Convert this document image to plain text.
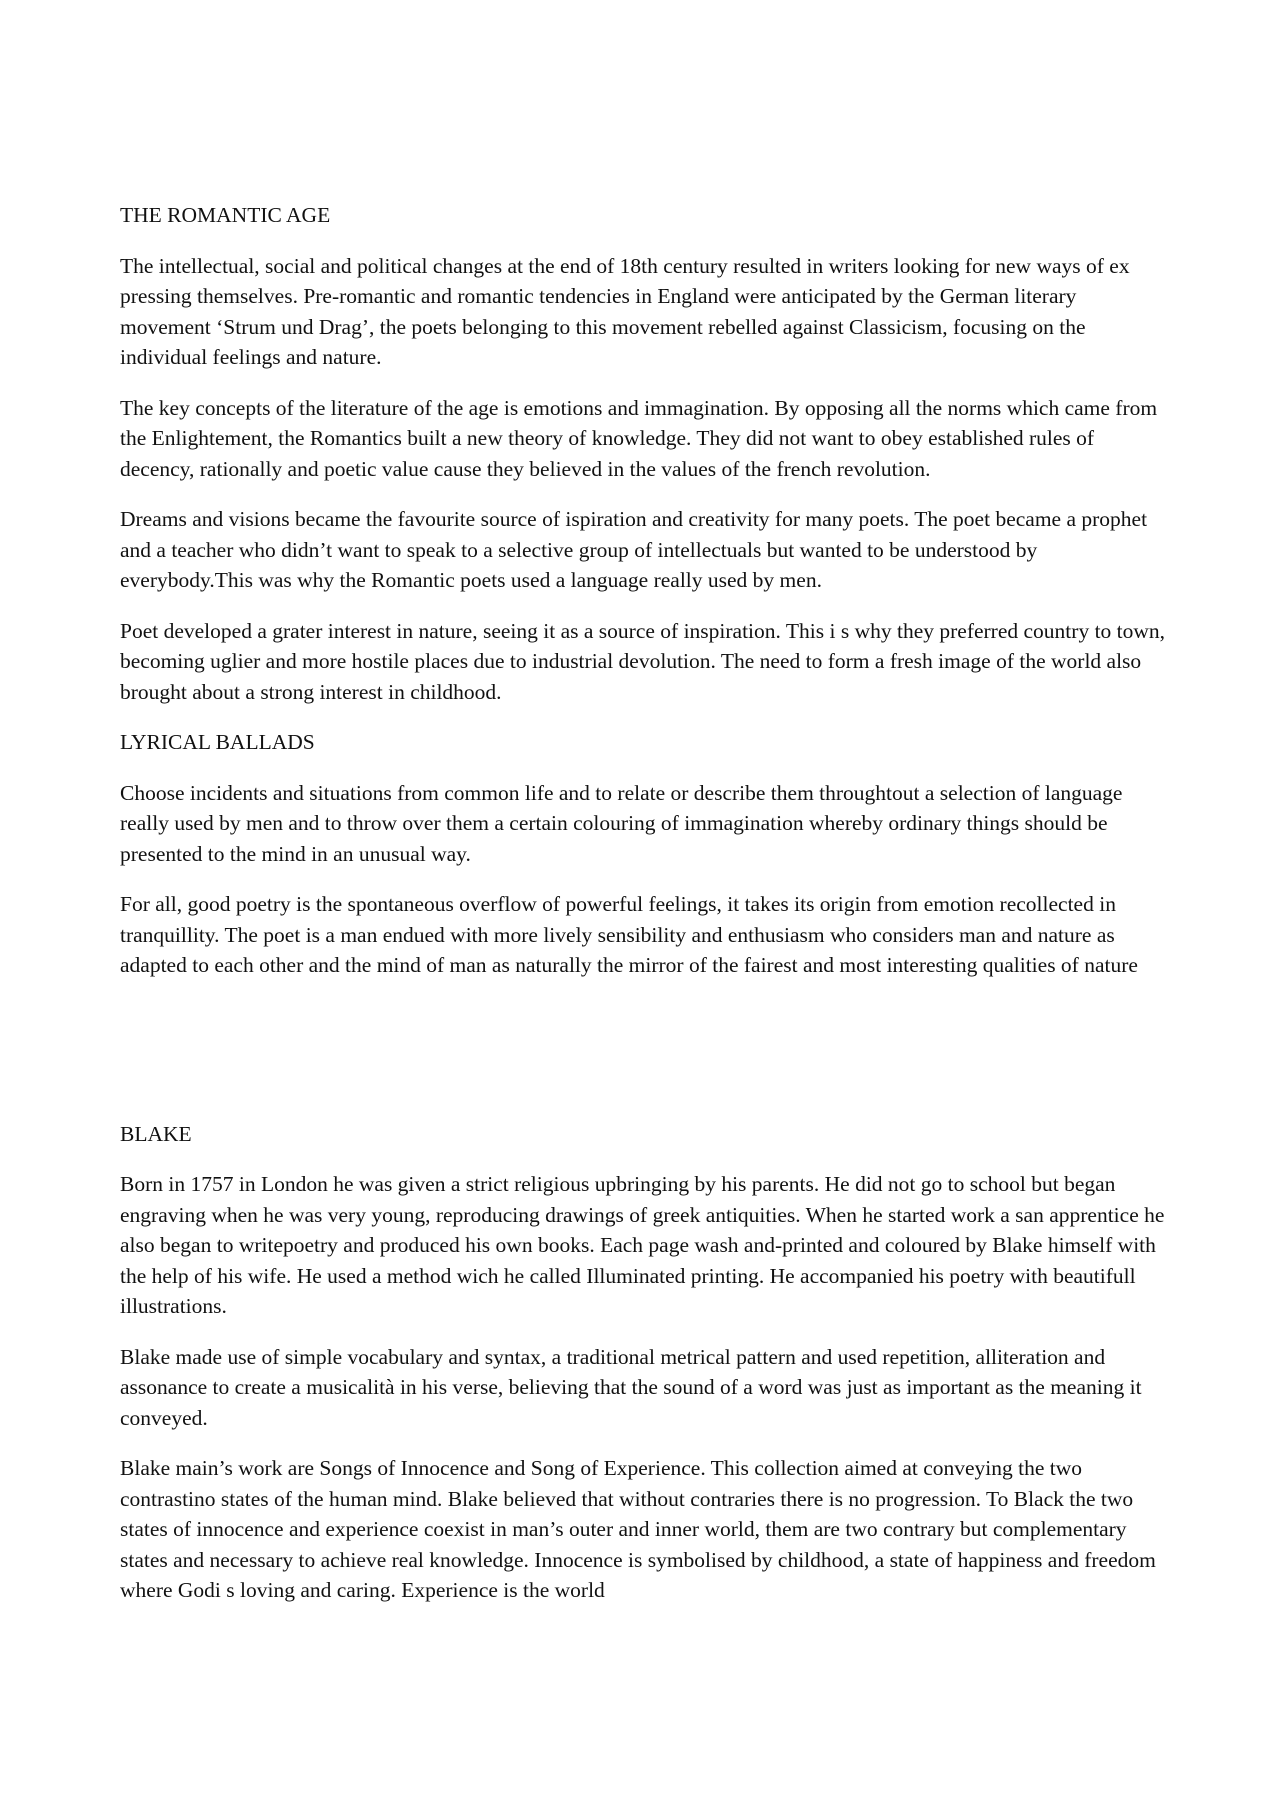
THE ROMANTIC AGE

The intellectual, social and political changes at the end of 18th century resulted in writers looking for new ways of ex pressing themselves. Pre-romantic and romantic tendencies in England were anticipated by the German literary movement ‘Strum und Drag’, the poets belonging to this movement rebelled against Classicism, focusing on the individual feelings and nature.

The key concepts of the literature of the age is emotions and immagination. By opposing all the norms which came from the Enlightement, the Romantics built a new theory of knowledge. They did not want to obey established rules of decency, rationally and poetic value cause they believed in the values of the french revolution.

Dreams and visions became the favourite source of ispiration and creativity for many poets. The poet became a prophet and a teacher who didn’t want to speak to a selective group of intellectuals but wanted to be understood by everybody.This was why the Romantic poets used a language really used by men.

Poet developed a grater interest in nature, seeing it as a source of inspiration. This i s why they preferred country to town, becoming uglier and more hostile places due to industrial devolution. The need to form a fresh image of the world also brought about a strong interest in childhood.

LYRICAL BALLADS

Choose incidents and situations from common life and to relate or describe them throughtout a selection of language really used by men and to throw over them a certain colouring of immagination whereby ordinary things should be presented to the mind in an unusual way.

For all, good poetry is the spontaneous overflow of powerful feelings, it takes its origin from emotion recollected in tranquillity. The poet is a man endued with more lively sensibility and enthusiasm who considers man and nature as adapted to each other and the mind of man as naturally the mirror of the fairest and most interesting qualities of nature

BLAKE

Born in 1757 in London he was given a strict religious upbringing by his parents. He did not go to school but began engraving when he was very young, reproducing drawings of greek antiquities. When he started work a san apprentice he also began to writepoetry and produced his own books. Each page wash and-printed and coloured by Blake himself with the help of his wife. He used a method wich he called Illuminated printing. He accompanied his poetry with beautifull illustrations.

Blake made use of simple vocabulary and syntax, a traditional metrical pattern and used repetition, alliteration and assonance to create a musicalità in his verse, believing that the sound of a word was just as important as the meaning it conveyed.

Blake main’s work are Songs of Innocence and Song of Experience. This collection aimed at conveying the two contrastino states of the human mind. Blake believed that without contraries there is no progression. To Black the two states of innocence and experience coexist in man’s outer and inner world, them are two contrary but complementary states and necessary to achieve real knowledge. Innocence is symbolised by childhood, a state of happiness and freedom where Godi s loving and caring. Experience is the world
